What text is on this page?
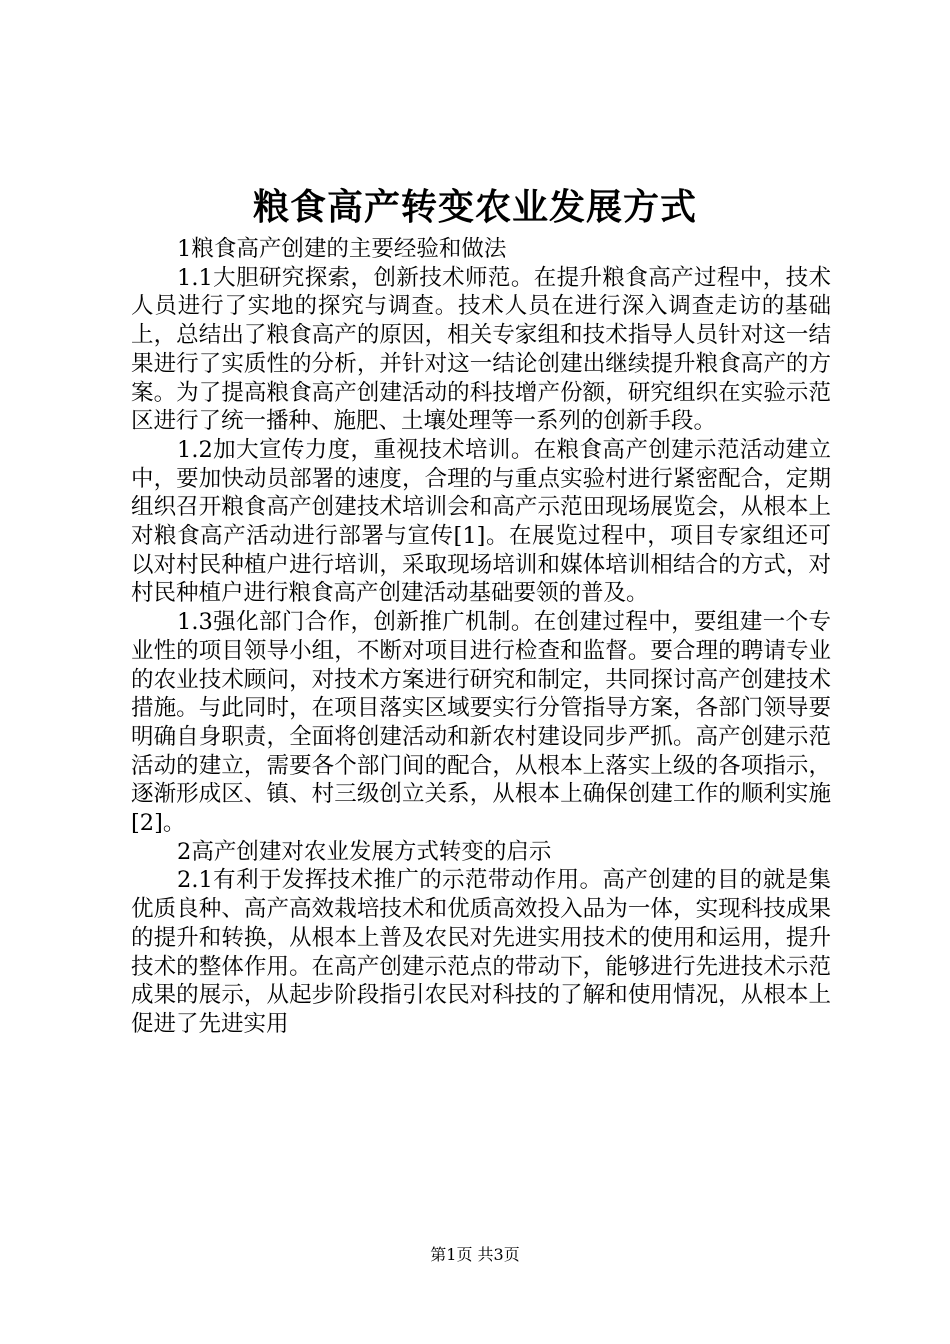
粮食高产转变农业发展方式

1粮食高产创建的主要经验和做法

1.1大胆研究探索，创新技术师范。在提升粮食高产过程中，技术人员进行了实地的探究与调查。技术人员在进行深入调查走访的基础上，总结出了粮食高产的原因，相关专家组和技术指导人员针对这一结果进行了实质性的分析，并针对这一结论创建出继续提升粮食高产的方案。为了提高粮食高产创建活动的科技增产份额，研究组织在实验示范区进行了统一播种、施肥、土壤处理等一系列的创新手段。

1.2加大宣传力度，重视技术培训。在粮食高产创建示范活动建立中，要加快动员部署的速度，合理的与重点实验村进行紧密配合，定期组织召开粮食高产创建技术培训会和高产示范田现场展览会，从根本上对粮食高产活动进行部署与宣传[1]。在展览过程中，项目专家组还可以对村民种植户进行培训，采取现场培训和媒体培训相结合的方式，对村民种植户进行粮食高产创建活动基础要领的普及。

1.3强化部门合作，创新推广机制。在创建过程中，要组建一个专业性的项目领导小组，不断对项目进行检查和监督。要合理的聘请专业的农业技术顾问，对技术方案进行研究和制定，共同探讨高产创建技术措施。与此同时，在项目落实区域要实行分管指导方案，各部门领导要明确自身职责，全面将创建活动和新农村建设同步严抓。高产创建示范活动的建立，需要各个部门间的配合，从根本上落实上级的各项指示，逐渐形成区、镇、村三级创立关系，从根本上确保创建工作的顺利实施[2]。

2高产创建对农业发展方式转变的启示

2.1有利于发挥技术推广的示范带动作用。高产创建的目的就是集优质良种、高产高效栽培技术和优质高效投入品为一体，实现科技成果的提升和转换，从根本上普及农民对先进实用技术的使用和运用，提升技术的整体作用。在高产创建示范点的带动下，能够进行先进技术示范成果的展示，从起步阶段指引农民对科技的了解和使用情况，从根本上促进了先进实用

第1页 共3页
